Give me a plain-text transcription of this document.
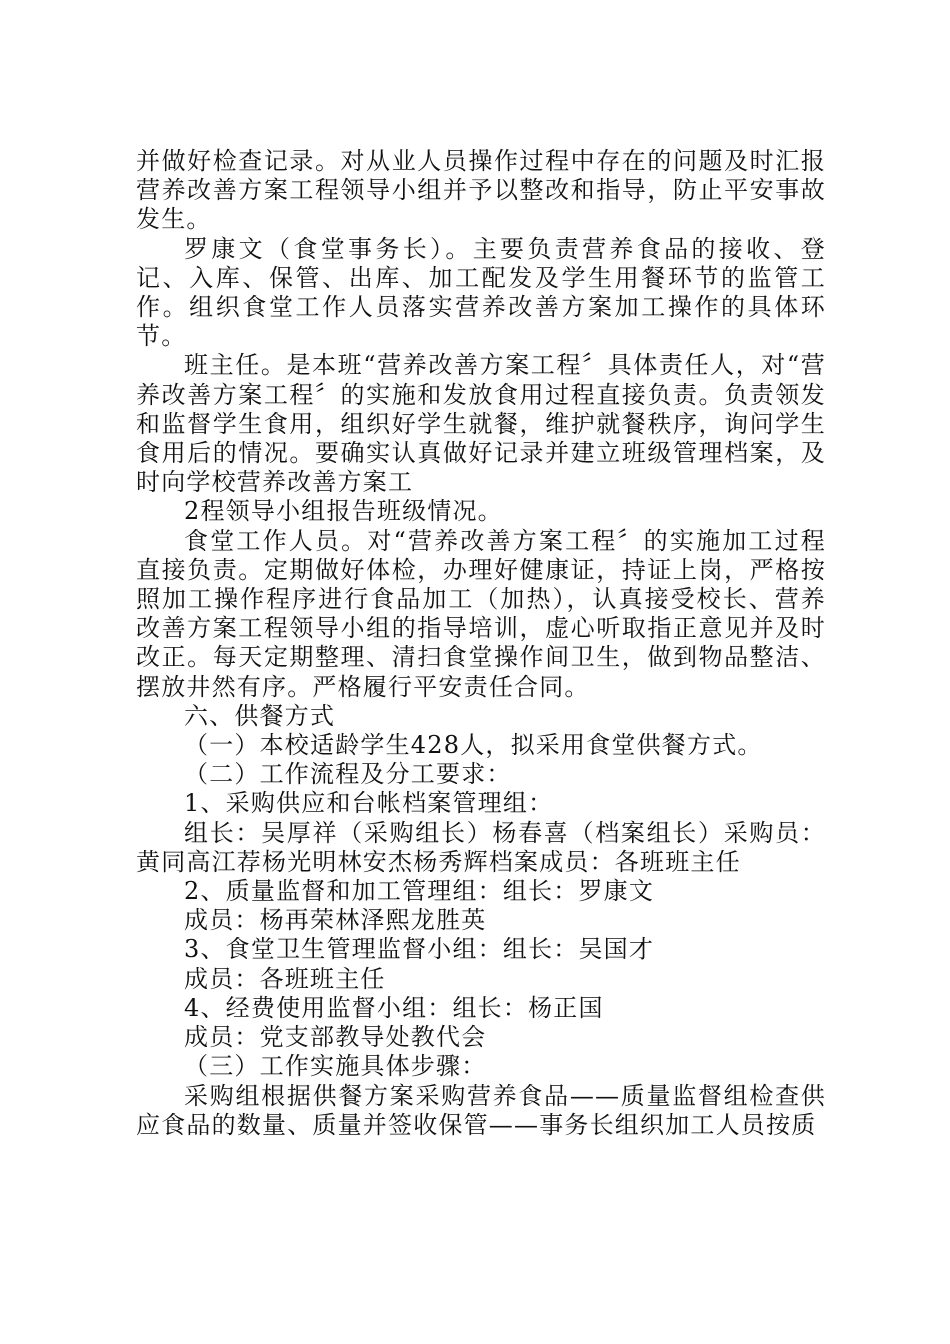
并做好检查记录。对从业人员操作过程中存在的问题及时汇报营养改善方案工程领导小组并予以整改和指导，防止平安事故发生。

罗康文（食堂事务长）。主要负责营养食品的接收、登记、入库、保管、出库、加工配发及学生用餐环节的监管工作。组织食堂工作人员落实营养改善方案加工操作的具体环节。

班主任。是本班“营养改善方案工程〞具体责任人，对“营养改善方案工程〞的实施和发放食用过程直接负责。负责领发和监督学生食用，组织好学生就餐，维护就餐秩序，询问学生食用后的情况。要确实认真做好记录并建立班级管理档案，及时向学校营养改善方案工

2程领导小组报告班级情况。

食堂工作人员。对“营养改善方案工程〞的实施加工过程直接负责。定期做好体检，办理好健康证，持证上岗，严格按照加工操作程序进行食品加工（加热），认真接受校长、营养改善方案工程领导小组的指导培训，虚心听取指正意见并及时改正。每天定期整理、清扫食堂操作间卫生，做到物品整洁、摆放井然有序。严格履行平安责任合同。

六、供餐方式

（一）本校适龄学生428人，拟采用食堂供餐方式。

（二）工作流程及分工要求：

1、采购供应和台帐档案管理组：

组长：吴厚祥（采购组长）杨春喜（档案组长）采购员：黄同高江荐杨光明林安杰杨秀辉档案成员：各班班主任

2、质量监督和加工管理组：组长：罗康文

成员：杨再荣林泽熙龙胜英

3、食堂卫生管理监督小组：组长：吴国才

成员：各班班主任

4、经费使用监督小组：组长：杨正国

成员：党支部教导处教代会

（三）工作实施具体步骤：

采购组根据供餐方案采购营养食品——质量监督组检查供应食品的数量、质量并签收保管——事务长组织加工人员按质
